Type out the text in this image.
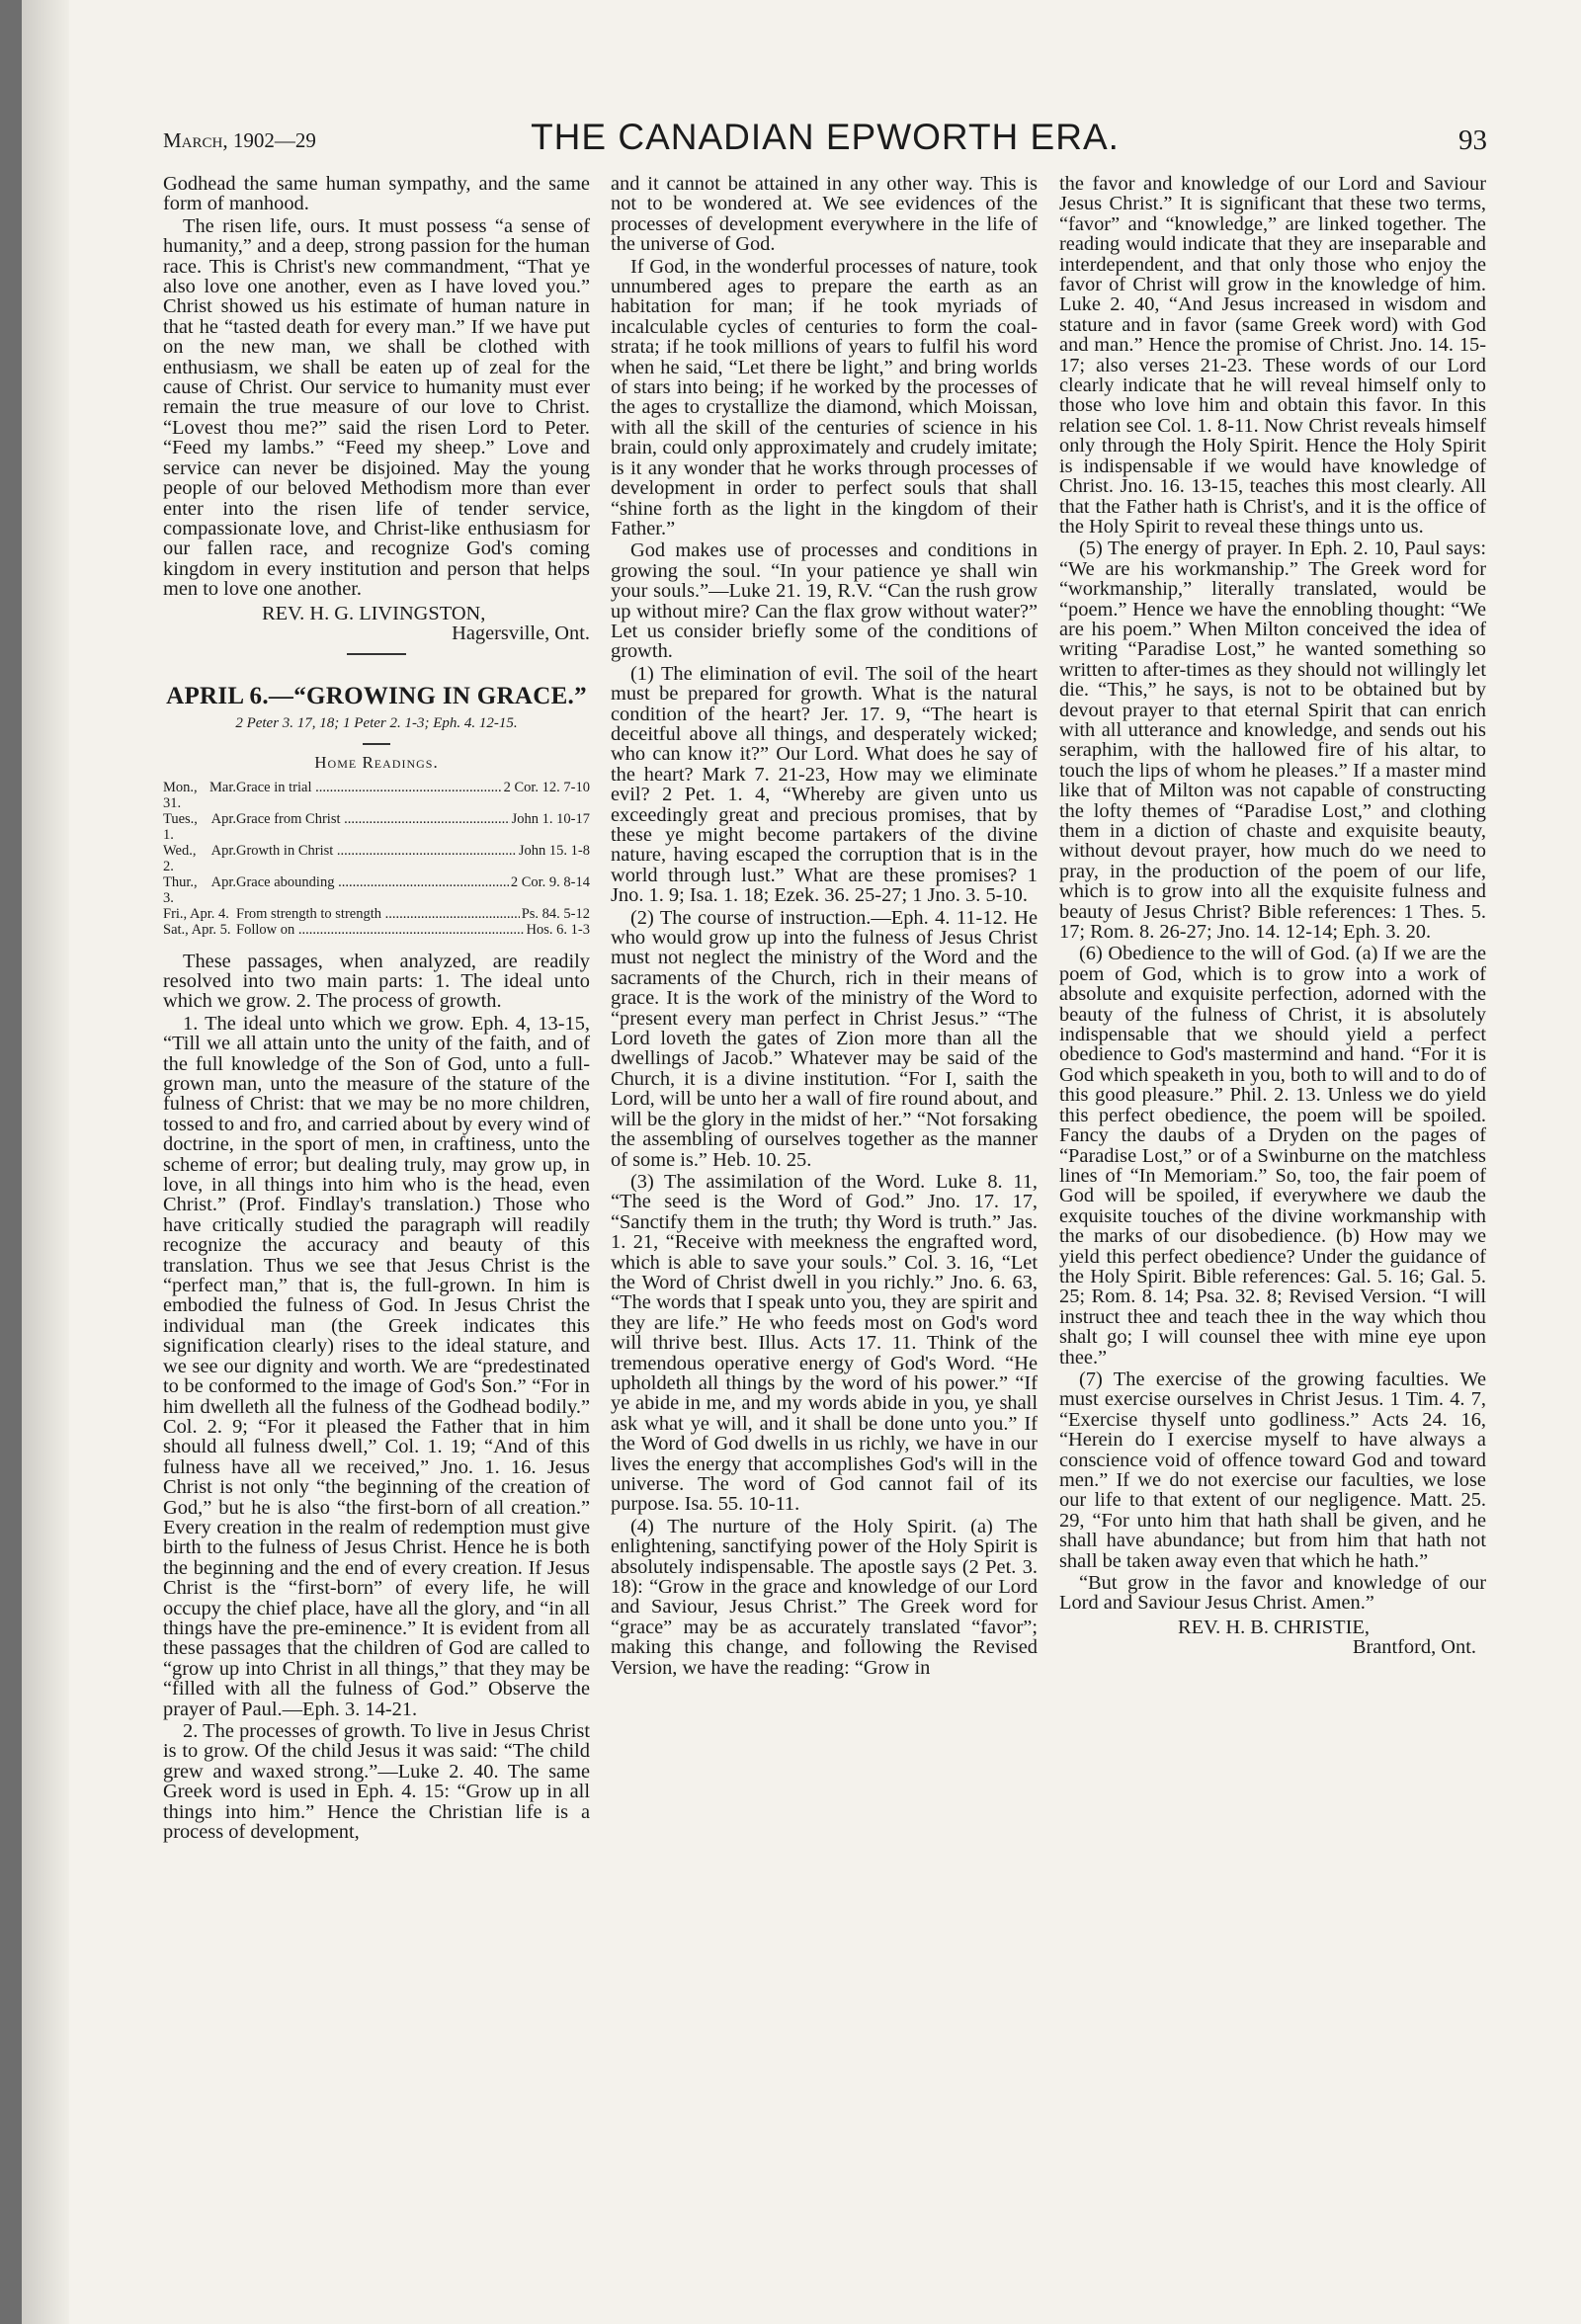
March, 1902—29	THE CANADIAN EPWORTH ERA.	93

Godhead the same human sympathy, and the same form of manhood.

The risen life, ours. It must possess “a sense of humanity,” and a deep, strong passion for the human race. This is Christ's new commandment, “That ye also love one another, even as I have loved you.” Christ showed us his estimate of human nature in that he “tasted death for every man.” If we have put on the new man, we shall be clothed with enthusiasm, we shall be eaten up of zeal for the cause of Christ. Our service to humanity must ever remain the true measure of our love to Christ. “Lovest thou me?” said the risen Lord to Peter. “Feed my lambs.” “Feed my sheep.” Love and service can never be disjoined. May the young people of our beloved Methodism more than ever enter into the risen life of tender service, compassionate love, and Christ-like enthusiasm for our fallen race, and recognize God's coming kingdom in every institution and person that helps men to love one another.

REV. H. G. LIVINGSTON,
Hagersville, Ont.
APRIL 6.—“GROWING IN GRACE.”
2 Peter 3. 17, 18; 1 Peter 2. 1-3; Eph. 4. 12-15.
Home Readings.
Mon., Mar. 31.
Grace in trial .....	2 Cor. 12. 7-10
Tues., Apr. 1.
Grace from Christ .....	John 1. 10-17
Wed., Apr. 2.
Growth in Christ .....	John 15. 1-8
Thur., Apr. 3.
Grace abounding .....	2 Cor. 9. 8-14
Fri., Apr. 4. From strength to strength .....	Ps. 84. 5-12
Sat., Apr. 5. Follow on .....	Hos. 6. 1-3

These passages, when analyzed, are readily resolved into two main parts: 1. The ideal unto which we grow. 2. The process of growth.

1. The ideal unto which we grow. Eph. 4, 13-15, “Till we all attain unto the unity of the faith, and of the full knowledge of the Son of God, unto a full-grown man, unto the measure of the stature of the fulness of Christ: that we may be no more children, tossed to and fro, and carried about by every wind of doctrine, in the sport of men, in craftiness, unto the scheme of error; but dealing truly, may grow up, in love, in all things into him who is the head, even Christ.” (Prof. Findlay's translation.) Those who have critically studied the paragraph will readily recognize the accuracy and beauty of this translation. Thus we see that Jesus Christ is the “perfect man,” that is, the full-grown. In him is embodied the fulness of God. In Jesus Christ the individual man (the Greek indicates this signification clearly) rises to the ideal stature, and we see our dignity and worth. We are “predestinated to be conformed to the image of God's Son.” “For in him dwelleth all the fulness of the Godhead bodily.” Col. 2. 9; “For it pleased the Father that in him should all fulness dwell,” Col. 1. 19; “And of this fulness have all we received,” Jno. 1. 16. Jesus Christ is not only “the beginning of the creation of God,” but he is also “the first-born of all creation.” Every creation in the realm of redemption must give birth to the fulness of Jesus Christ. Hence he is both the beginning and the end of every creation. If Jesus Christ is the “first-born” of every life, he will occupy the chief place, have all the glory, and “in all things have the pre-eminence.” It is evident from all these passages that the children of God are called to “grow up into Christ in all things,” that they may be “filled with all the fulness of God.” Observe the prayer of Paul.—Eph. 3. 14-21.

2. The processes of growth. To live in Jesus Christ is to grow. Of the child Jesus it was said: “The child grew and waxed strong.”—Luke 2. 40. The same Greek word is used in Eph. 4. 15: “Grow up in all things into him.” Hence the Christian life is a process of development,

and it cannot be attained in any other way. This is not to be wondered at. We see evidences of the processes of development everywhere in the life of the universe of God.

If God, in the wonderful processes of nature, took unnumbered ages to prepare the earth as an habitation for man; if he took myriads of incalculable cycles of centuries to form the coal-strata; if he took millions of years to fulfil his word when he said, “Let there be light,” and bring worlds of stars into being; if he worked by the processes of the ages to crystallize the diamond, which Moissan, with all the skill of the centuries of science in his brain, could only approximately and crudely imitate; is it any wonder that he works through processes of development in order to perfect souls that shall “shine forth as the light in the kingdom of their Father.”

God makes use of processes and conditions in growing the soul. “In your patience ye shall win your souls.”—Luke 21. 19, R.V. “Can the rush grow up without mire? Can the flax grow without water?” Let us consider briefly some of the conditions of growth.

(1) The elimination of evil. The soil of the heart must be prepared for growth. What is the natural condition of the heart? Jer. 17. 9, “The heart is deceitful above all things, and desperately wicked; who can know it?” Our Lord. What does he say of the heart? Mark 7. 21-23, How may we eliminate evil? 2 Pet. 1. 4, “Whereby are given unto us exceedingly great and precious promises, that by these ye might become partakers of the divine nature, having escaped the corruption that is in the world through lust.” What are these promises? 1 Jno. 1. 9; Isa. 1. 18; Ezek. 36. 25-27; 1 Jno. 3. 5-10.

(2) The course of instruction.—Eph. 4. 11-12. He who would grow up into the fulness of Jesus Christ must not neglect the ministry of the Word and the sacraments of the Church, rich in their means of grace. It is the work of the ministry of the Word to “present every man perfect in Christ Jesus.” “The Lord loveth the gates of Zion more than all the dwellings of Jacob.” Whatever may be said of the Church, it is a divine institution. “For I, saith the Lord, will be unto her a wall of fire round about, and will be the glory in the midst of her.” “Not forsaking the assembling of ourselves together as the manner of some is.” Heb. 10. 25.

(3) The assimilation of the Word. Luke 8. 11, “The seed is the Word of God.” Jno. 17. 17, “Sanctify them in the truth; thy Word is truth.” Jas. 1. 21, “Receive with meekness the engrafted word, which is able to save your souls.” Col. 3. 16, “Let the Word of Christ dwell in you richly.” Jno. 6. 63, “The words that I speak unto you, they are spirit and they are life.” He who feeds most on God's word will thrive best. Illus. Acts 17. 11. Think of the tremendous operative energy of God's Word. “He upholdeth all things by the word of his power.” “If ye abide in me, and my words abide in you, ye shall ask what ye will, and it shall be done unto you.” If the Word of God dwells in us richly, we have in our lives the energy that accomplishes God's will in the universe. The word of God cannot fail of its purpose. Isa. 55. 10-11.

(4) The nurture of the Holy Spirit. (a) The enlightening, sanctifying power of the Holy Spirit is absolutely indispensable. The apostle says (2 Pet. 3. 18): “Grow in the grace and knowledge of our Lord and Saviour, Jesus Christ.” The Greek word for “grace” may be as accurately translated “favor”; making this change, and following the Revised Version, we have the reading: “Grow in

the favor and knowledge of our Lord and Saviour Jesus Christ.” It is significant that these two terms, “favor” and “knowledge,” are linked together. The reading would indicate that they are inseparable and interdependent, and that only those who enjoy the favor of Christ will grow in the knowledge of him. Luke 2. 40, “And Jesus increased in wisdom and stature and in favor (same Greek word) with God and man.” Hence the promise of Christ. Jno. 14. 15-17; also verses 21-23. These words of our Lord clearly indicate that he will reveal himself only to those who love him and obtain this favor. In this relation see Col. 1. 8-11. Now Christ reveals himself only through the Holy Spirit. Hence the Holy Spirit is indispensable if we would have knowledge of Christ. Jno. 16. 13-15, teaches this most clearly. All that the Father hath is Christ's, and it is the office of the Holy Spirit to reveal these things unto us.

(5) The energy of prayer. In Eph. 2. 10, Paul says: “We are his workmanship.” The Greek word for “workmanship,” literally translated, would be “poem.” Hence we have the ennobling thought: “We are his poem.” When Milton conceived the idea of writing “Paradise Lost,” he wanted something so written to after-times as they should not willingly let die. “This,” he says, is not to be obtained but by devout prayer to that eternal Spirit that can enrich with all utterance and knowledge, and sends out his seraphim, with the hallowed fire of his altar, to touch the lips of whom he pleases.” If a master mind like that of Milton was not capable of constructing the lofty themes of “Paradise Lost,” and clothing them in a diction of chaste and exquisite beauty, without devout prayer, how much do we need to pray, in the production of the poem of our life, which is to grow into all the exquisite fulness and beauty of Jesus Christ? Bible references: 1 Thes. 5. 17; Rom. 8. 26-27; Jno. 14. 12-14; Eph. 3. 20.

(6) Obedience to the will of God. (a) If we are the poem of God, which is to grow into a work of absolute and exquisite perfection, adorned with the beauty of the fulness of Christ, it is absolutely indispensable that we should yield a perfect obedience to God's mastermind and hand. “For it is God which speaketh in you, both to will and to do of this good pleasure.” Phil. 2. 13. Unless we do yield this perfect obedience, the poem will be spoiled. Fancy the daubs of a Dryden on the pages of “Paradise Lost,” or of a Swinburne on the matchless lines of “In Memoriam.” So, too, the fair poem of God will be spoiled, if everywhere we daub the exquisite touches of the divine workmanship with the marks of our disobedience. (b) How may we yield this perfect obedience? Under the guidance of the Holy Spirit. Bible references: Gal. 5. 16; Gal. 5. 25; Rom. 8. 14; Psa. 32. 8; Revised Version. “I will instruct thee and teach thee in the way which thou shalt go; I will counsel thee with mine eye upon thee.”

(7) The exercise of the growing faculties. We must exercise ourselves in Christ Jesus. 1 Tim. 4. 7, “Exercise thyself unto godliness.” Acts 24. 16, “Herein do I exercise myself to have always a conscience void of offence toward God and toward men.” If we do not exercise our faculties, we lose our life to that extent of our negligence. Matt. 25. 29, “For unto him that hath shall be given, and he shall have abundance; but from him that hath not shall be taken away even that which he hath.”

“But grow in the favor and knowledge of our Lord and Saviour Jesus Christ. Amen.”

REV. H. B. CHRISTIE,
Brantford, Ont.
